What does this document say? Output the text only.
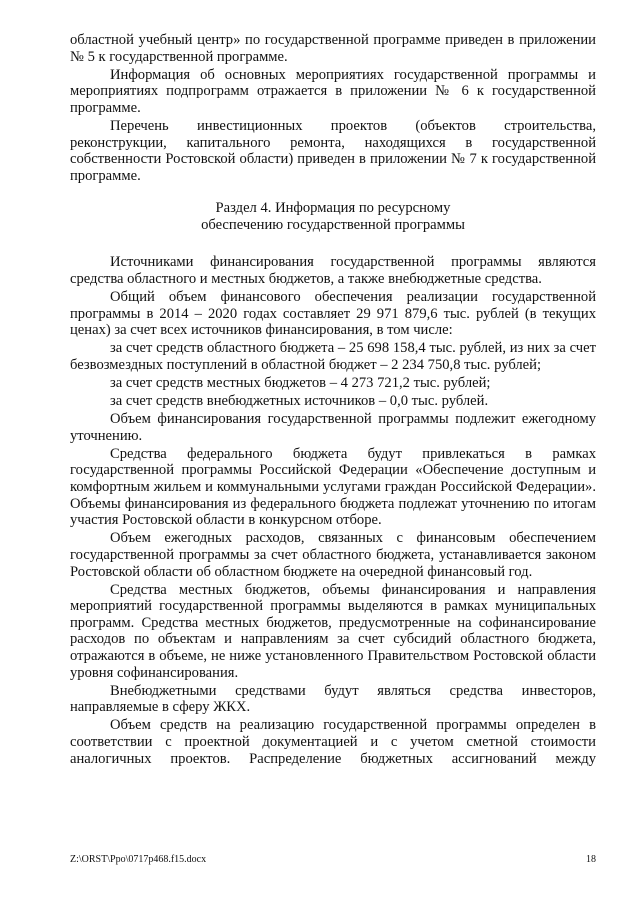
областной учебный центр» по государственной программе приведен в приложении № 5 к государственной программе.

Информация об основных мероприятиях государственной программы и мероприятиях подпрограмм отражается в приложении № 6 к государственной программе.

Перечень инвестиционных проектов (объектов строительства, реконструкции, капитального ремонта, находящихся в государственной собственности Ростовской области) приведен в приложении № 7 к государственной программе.

Раздел 4. Информация по ресурсному
обеспечению государственной программы

Источниками финансирования государственной программы являются средства областного и местных бюджетов, а также внебюджетные средства.

Общий объем финансового обеспечения реализации государственной программы в 2014 – 2020 годах составляет 29 971 879,6 тыс. рублей (в текущих ценах) за счет всех источников финансирования, в том числе:

за счет средств областного бюджета – 25 698 158,4 тыс. рублей, из них за счет безвозмездных поступлений в областной бюджет – 2 234 750,8 тыс. рублей;

за счет средств местных бюджетов – 4 273 721,2 тыс. рублей;

за счет средств внебюджетных источников – 0,0 тыс. рублей.

Объем финансирования государственной программы подлежит ежегодному уточнению.

Средства федерального бюджета будут привлекаться в рамках государственной программы Российской Федерации «Обеспечение доступным и комфортным жильем и коммунальными услугами граждан Российской Федерации». Объемы финансирования из федерального бюджета подлежат уточнению по итогам участия Ростовской области в конкурсном отборе.

Объем ежегодных расходов, связанных с финансовым обеспечением государственной программы за счет областного бюджета, устанавливается законом Ростовской области об областном бюджете на очередной финансовый год.

Средства местных бюджетов, объемы финансирования и направления мероприятий государственной программы выделяются в рамках муниципальных программ. Средства местных бюджетов, предусмотренные на софинансирование расходов по объектам и направлениям за счет субсидий областного бюджета, отражаются в объеме, не ниже установленного Правительством Ростовской области уровня софинансирования.

Внебюджетными средствами будут являться средства инвесторов, направляемые в сферу ЖКХ.

Объем средств на реализацию государственной программы определен в соответствии с проектной документацией и с учетом сметной стоимости аналогичных проектов. Распределение бюджетных ассигнований между

Z:\ORST\Ppo\0717p468.f15.docx	18
